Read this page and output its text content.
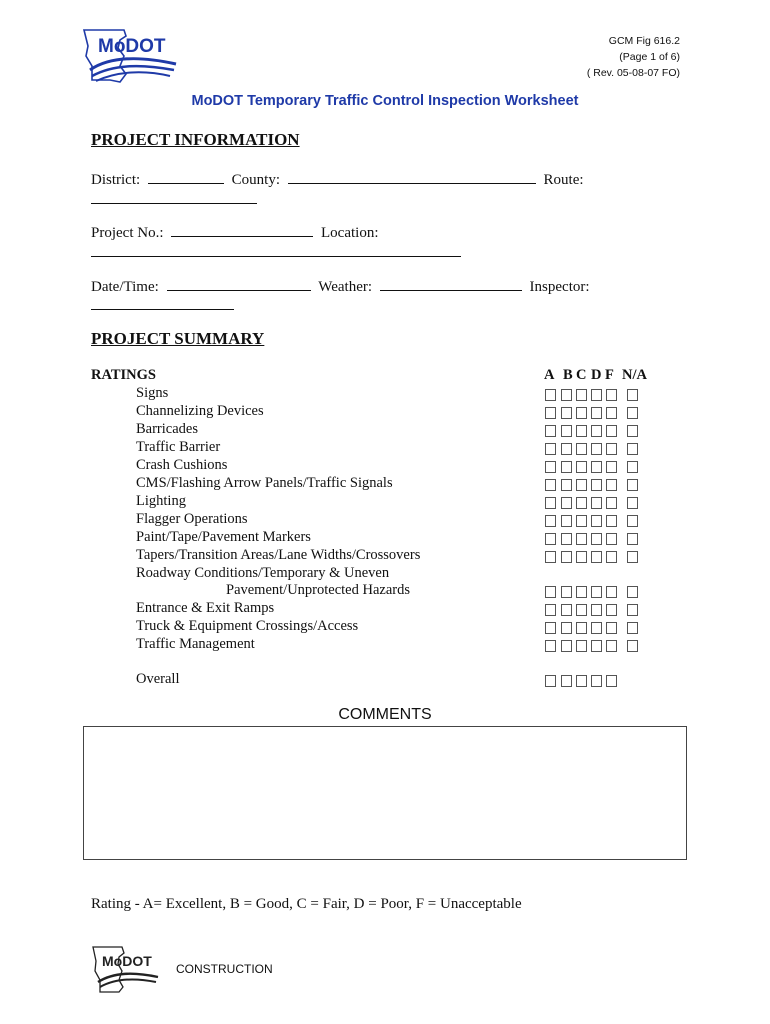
MoDOT	GCM Fig 616.2
(Page 1 of 6)
( Rev. 05-08-07 FO)
MoDOT Temporary Traffic Control Inspection Worksheet
PROJECT INFORMATION
District:	County:	Route:
Project No.:	Location:
Date/Time:	Weather:	Inspector:
PROJECT SUMMARY
RATINGS	A B C D F N/A
Signs
Channelizing Devices
Barricades
Traffic Barrier
Crash Cushions
CMS/Flashing Arrow Panels/Traffic Signals
Lighting
Flagger Operations
Paint/Tape/Pavement Markers
Tapers/Transition Areas/Lane Widths/Crossovers
Roadway Conditions/Temporary & Uneven
Pavement/Unprotected Hazards
Entrance & Exit Ramps
Truck & Equipment Crossings/Access
Traffic Management
Overall
COMMENTS
Rating - A= Excellent, B = Good, C = Fair, D = Poor, F = Unacceptable
MoDOT CONSTRUCTION
